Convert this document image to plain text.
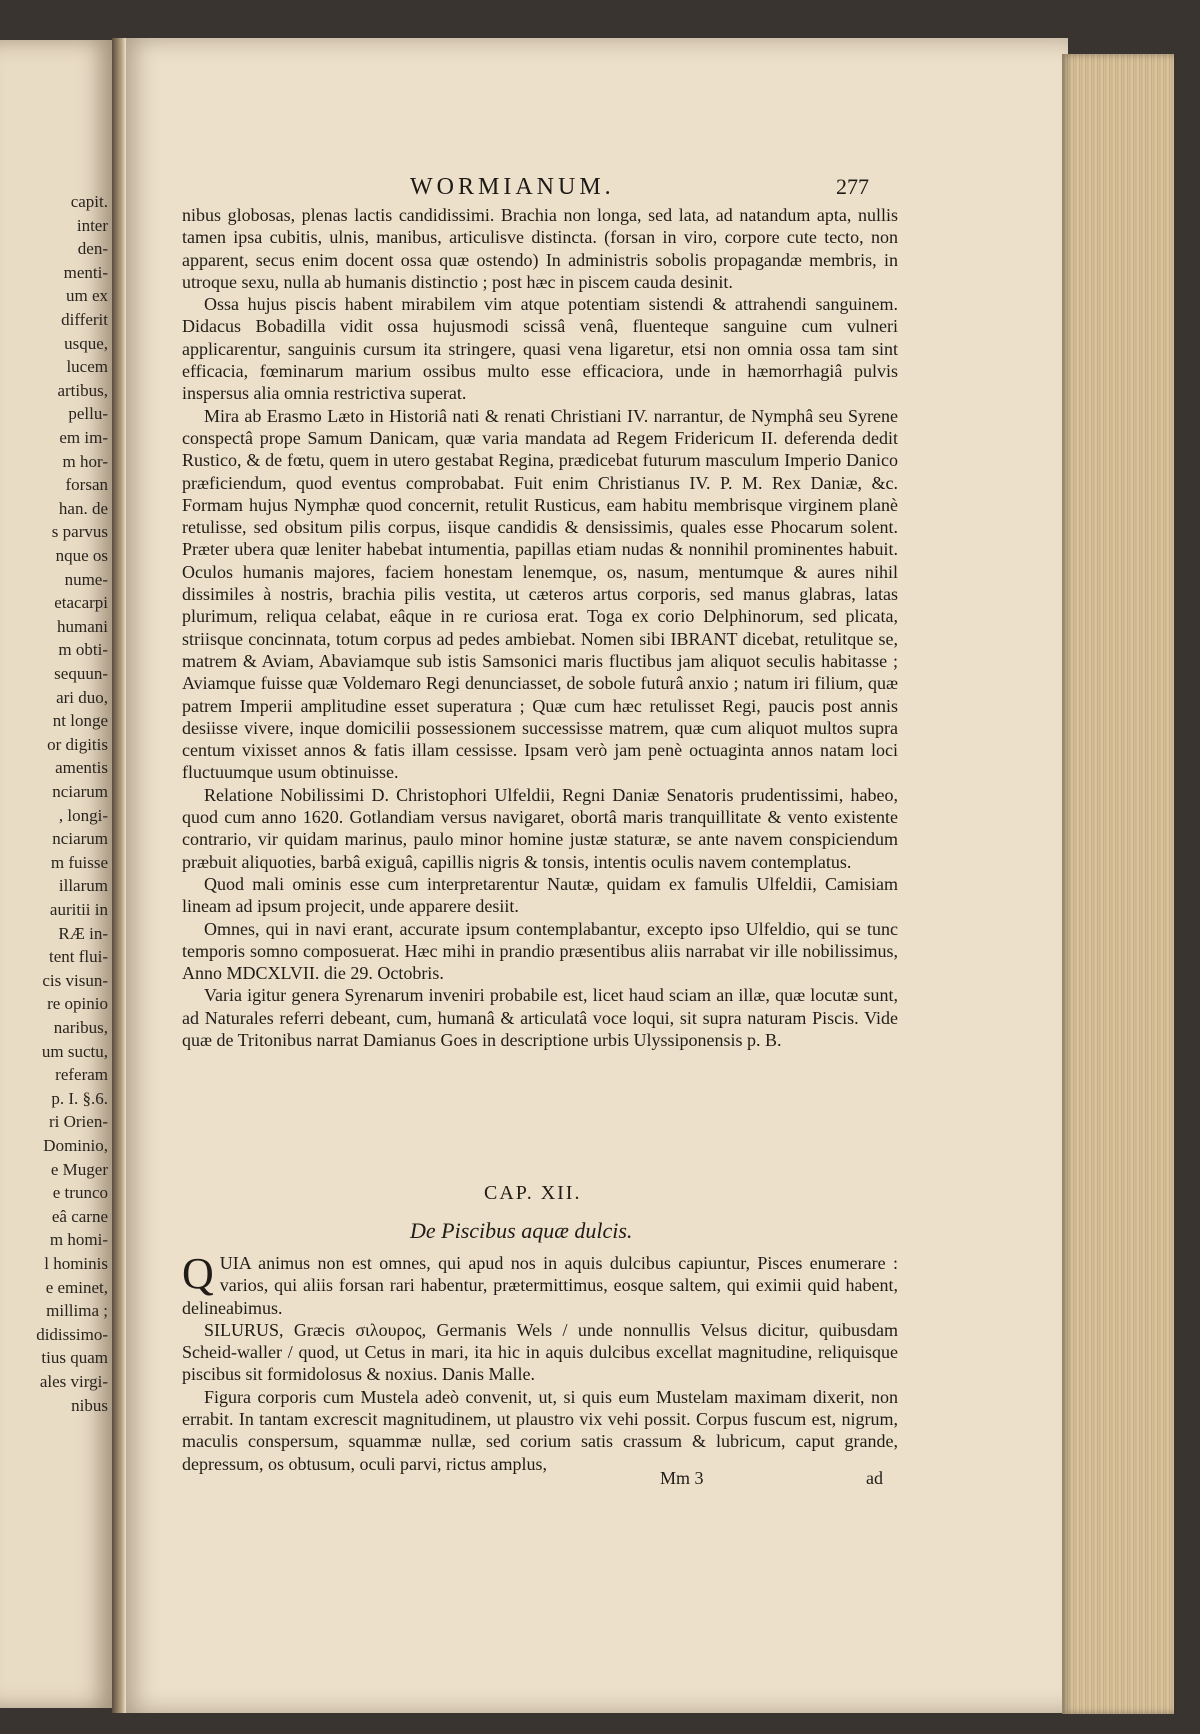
capit.
inter
den-
menti-
um ex
differit
usque,
lucem
artibus,
pellu-
em im-
m hor-
forsan
han. de
s parvus
nque os
nume-
etacarpi
humani
m obti-
sequun-
ari duo,
nt longe
or digitis
amentis
nciarum
, longi-
nciarum
m fuisse
illarum
auritii in
RÆ in-
tent flui-
cis visun-
re opinio
naribus,
um suctu,
referam
p. I. §.6.
ri Orien-
Dominio,
e Muger
e trunco
eâ carne
m homi-
l hominis
e eminet,
millima ;
didissimo-
tius quam
ales virgi-
nibus
WORMIANUM.	277

nibus globosas, plenas lactis candidissimi. Brachia non longa, sed lata, ad natandum apta, nullis tamen ipsa cubitis, ulnis, manibus, articulisve distincta. (forsan in viro, corpore cute tecto, non apparent, secus enim docent ossa quæ ostendo) In administris sobolis propagandæ membris, in utroque sexu, nulla ab humanis distinctio ; post hæc in piscem cauda desinit.

Ossa hujus piscis habent mirabilem vim atque potentiam sistendi & attrahendi sanguinem. Didacus Bobadilla vidit ossa hujusmodi scissâ venâ, fluenteque sanguine cum vulneri applicarentur, sanguinis cursum ita stringere, quasi vena ligaretur, etsi non omnia ossa tam sint efficacia, fœminarum marium ossibus multo esse efficaciora, unde in hæmorrhagiâ pulvis inspersus alia omnia restrictiva superat.

Mira ab Erasmo Læto in Historiâ nati & renati Christiani IV. narrantur, de Nymphâ seu Syrene conspectâ prope Samum Danicam, quæ varia mandata ad Regem Fridericum II. deferenda dedit Rustico, & de fœtu, quem in utero gestabat Regina, prædicebat futurum masculum Imperio Danico præficiendum, quod eventus comprobabat. Fuit enim Christianus IV. P. M. Rex Daniæ, &c. Formam hujus Nymphæ quod concernit, retulit Rusticus, eam habitu membrisque virginem planè retulisse, sed obsitum pilis corpus, iisque candidis & densissimis, quales esse Phocarum solent. Præter ubera quæ leniter habebat intumentia, papillas etiam nudas & nonnihil prominentes habuit. Oculos humanis majores, faciem honestam lenemque, os, nasum, mentumque & aures nihil dissimiles à nostris, brachia pilis vestita, ut cæteros artus corporis, sed manus glabras, latas plurimum, reliqua celabat, eâque in re curiosa erat. Toga ex corio Delphinorum, sed plicata, striisque concinnata, totum corpus ad pedes ambiebat. Nomen sibi IBRANT dicebat, retulitque se, matrem & Aviam, Abaviamque sub istis Samsonici maris fluctibus jam aliquot seculis habitasse ; Aviamque fuisse quæ Voldemaro Regi denunciasset, de sobole futurâ anxio ; natum iri filium, quæ patrem Imperii amplitudine esset superatura ; Quæ cum hæc retulisset Regi, paucis post annis desiisse vivere, inque domicilii possessionem successisse matrem, quæ cum aliquot multos supra centum vixisset annos & fatis illam cessisse. Ipsam verò jam penè octuaginta annos natam loci fluctuumque usum obtinuisse.

Relatione Nobilissimi D. Christophori Ulfeldii, Regni Daniæ Senatoris prudentissimi, habeo, quod cum anno 1620. Gotlandiam versus navigaret, obortâ maris tranquillitate & vento existente contrario, vir quidam marinus, paulo minor homine justæ staturæ, se ante navem conspiciendum præbuit aliquoties, barbâ exiguâ, capillis nigris & tonsis, intentis oculis navem contemplatus.

Quod mali ominis esse cum interpretarentur Nautæ, quidam ex famulis Ulfeldii, Camisiam lineam ad ipsum projecit, unde apparere desiit.

Omnes, qui in navi erant, accurate ipsum contemplabantur, excepto ipso Ulfeldio, qui se tunc temporis somno composuerat. Hæc mihi in prandio præsentibus aliis narrabat vir ille nobilissimus, Anno MDCXLVII. die 29. Octobris.

Varia igitur genera Syrenarum inveniri probabile est, licet haud sciam an illæ, quæ locutæ sunt, ad Naturales referri debeant, cum, humanâ & articulatâ voce loqui, sit supra naturam Piscis. Vide quæ de Tritonibus narrat Damianus Goes in descriptione urbis Ulyssiponensis p. B.

CAP. XII.
De Piscibus aquæ dulcis.

QUIA animus non est omnes, qui apud nos in aquis dulcibus capiuntur, Pisces enumerare : varios, qui aliis forsan rari habentur, prætermittimus, eosque saltem, qui eximii quid habent, delineabimus.

SILURUS, Græcis σιλουρος, Germanis Wels / unde nonnullis Velsus dicitur, quibusdam Scheid-waller / quod, ut Cetus in mari, ita hic in aquis dulcibus excellat magnitudine, reliquisque piscibus sit formidolosus & noxius. Danis Malle.

Figura corporis cum Mustela adeò convenit, ut, si quis eum Mustelam maximam dixerit, non errabit. In tantam excrescit magnitudinem, ut plaustro vix vehi possit. Corpus fuscum est, nigrum, maculis conspersum, squammæ nullæ, sed corium satis crassum & lubricum, caput grande, depressum, os obtusum, oculi parvi, rictus amplus,

Mm 3	ad
